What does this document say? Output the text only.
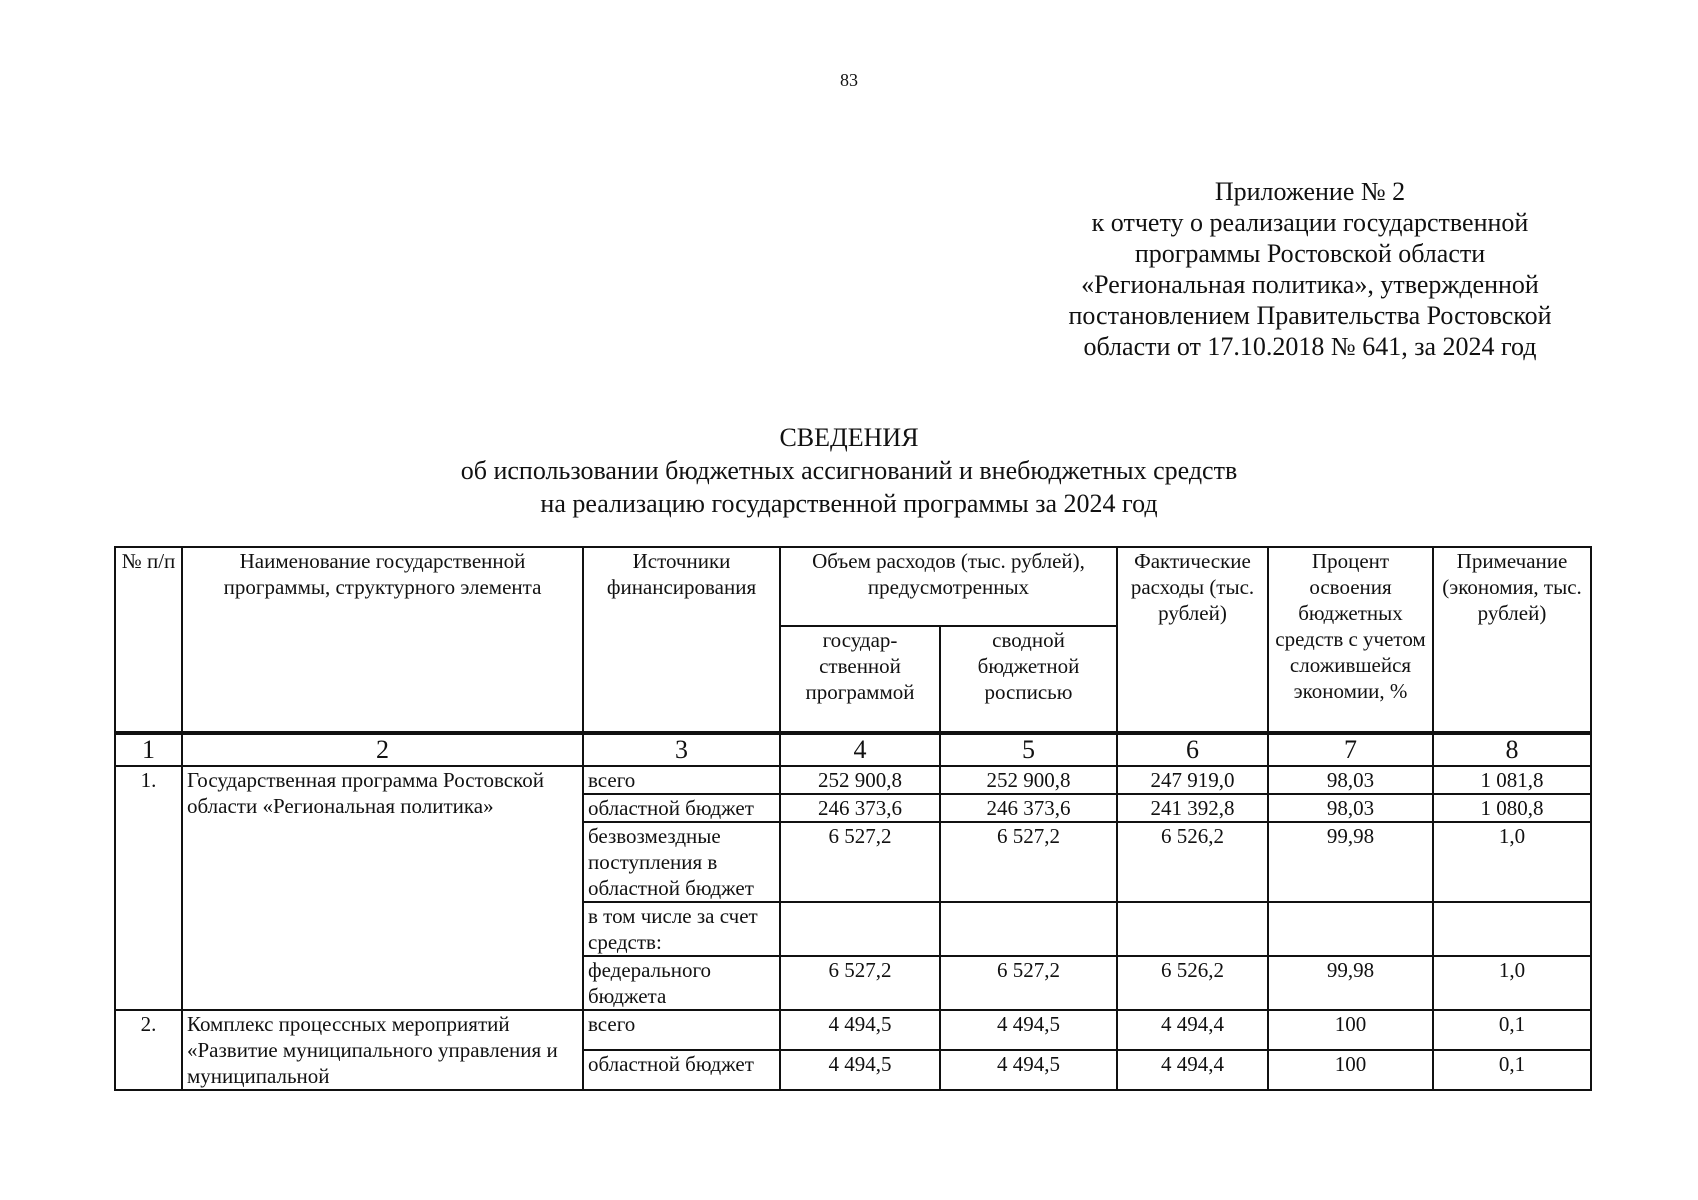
83
Приложение № 2
к отчету о реализации государственной
программы Ростовской области
«Региональная политика», утвержденной
постановлением Правительства Ростовской
области от 17.10.2018 № 641, за 2024 год
СВЕДЕНИЯ
об использовании бюджетных ассигнований и внебюджетных средств
на реализацию государственной программы за 2024 год
№ п/п	Наименование государственной программы, структурного элемента	Источники финансирования	Объем расходов (тыс. рублей), предусмотренных		Фактические расходы (тыс. рублей)	Процент освоения бюджетных средств с учетом сложившейся экономии, %	Примечание (экономия, тыс. рублей)
			государ-ственной программой	сводной бюджетной росписью			
1	2	3	4	5	6	7	8
1.	Государственная программа Ростовской области «Региональная политика»	всего	252 900,8	252 900,8	247 919,0	98,03	1 081,8
		областной бюджет	246 373,6	246 373,6	241 392,8	98,03	1 080,8
		безвозмездные поступления в областной бюджет	6 527,2	6 527,2	6 526,2	99,98	1,0
		в том числе за счет средств:					
		федерального бюджета	6 527,2	6 527,2	6 526,2	99,98	1,0
2.	Комплекс процессных мероприятий «Развитие муниципального управления и муниципальной	всего	4 494,5	4 494,5	4 494,4	100	0,1
		областной бюджет	4 494,5	4 494,5	4 494,4	100	0,1
